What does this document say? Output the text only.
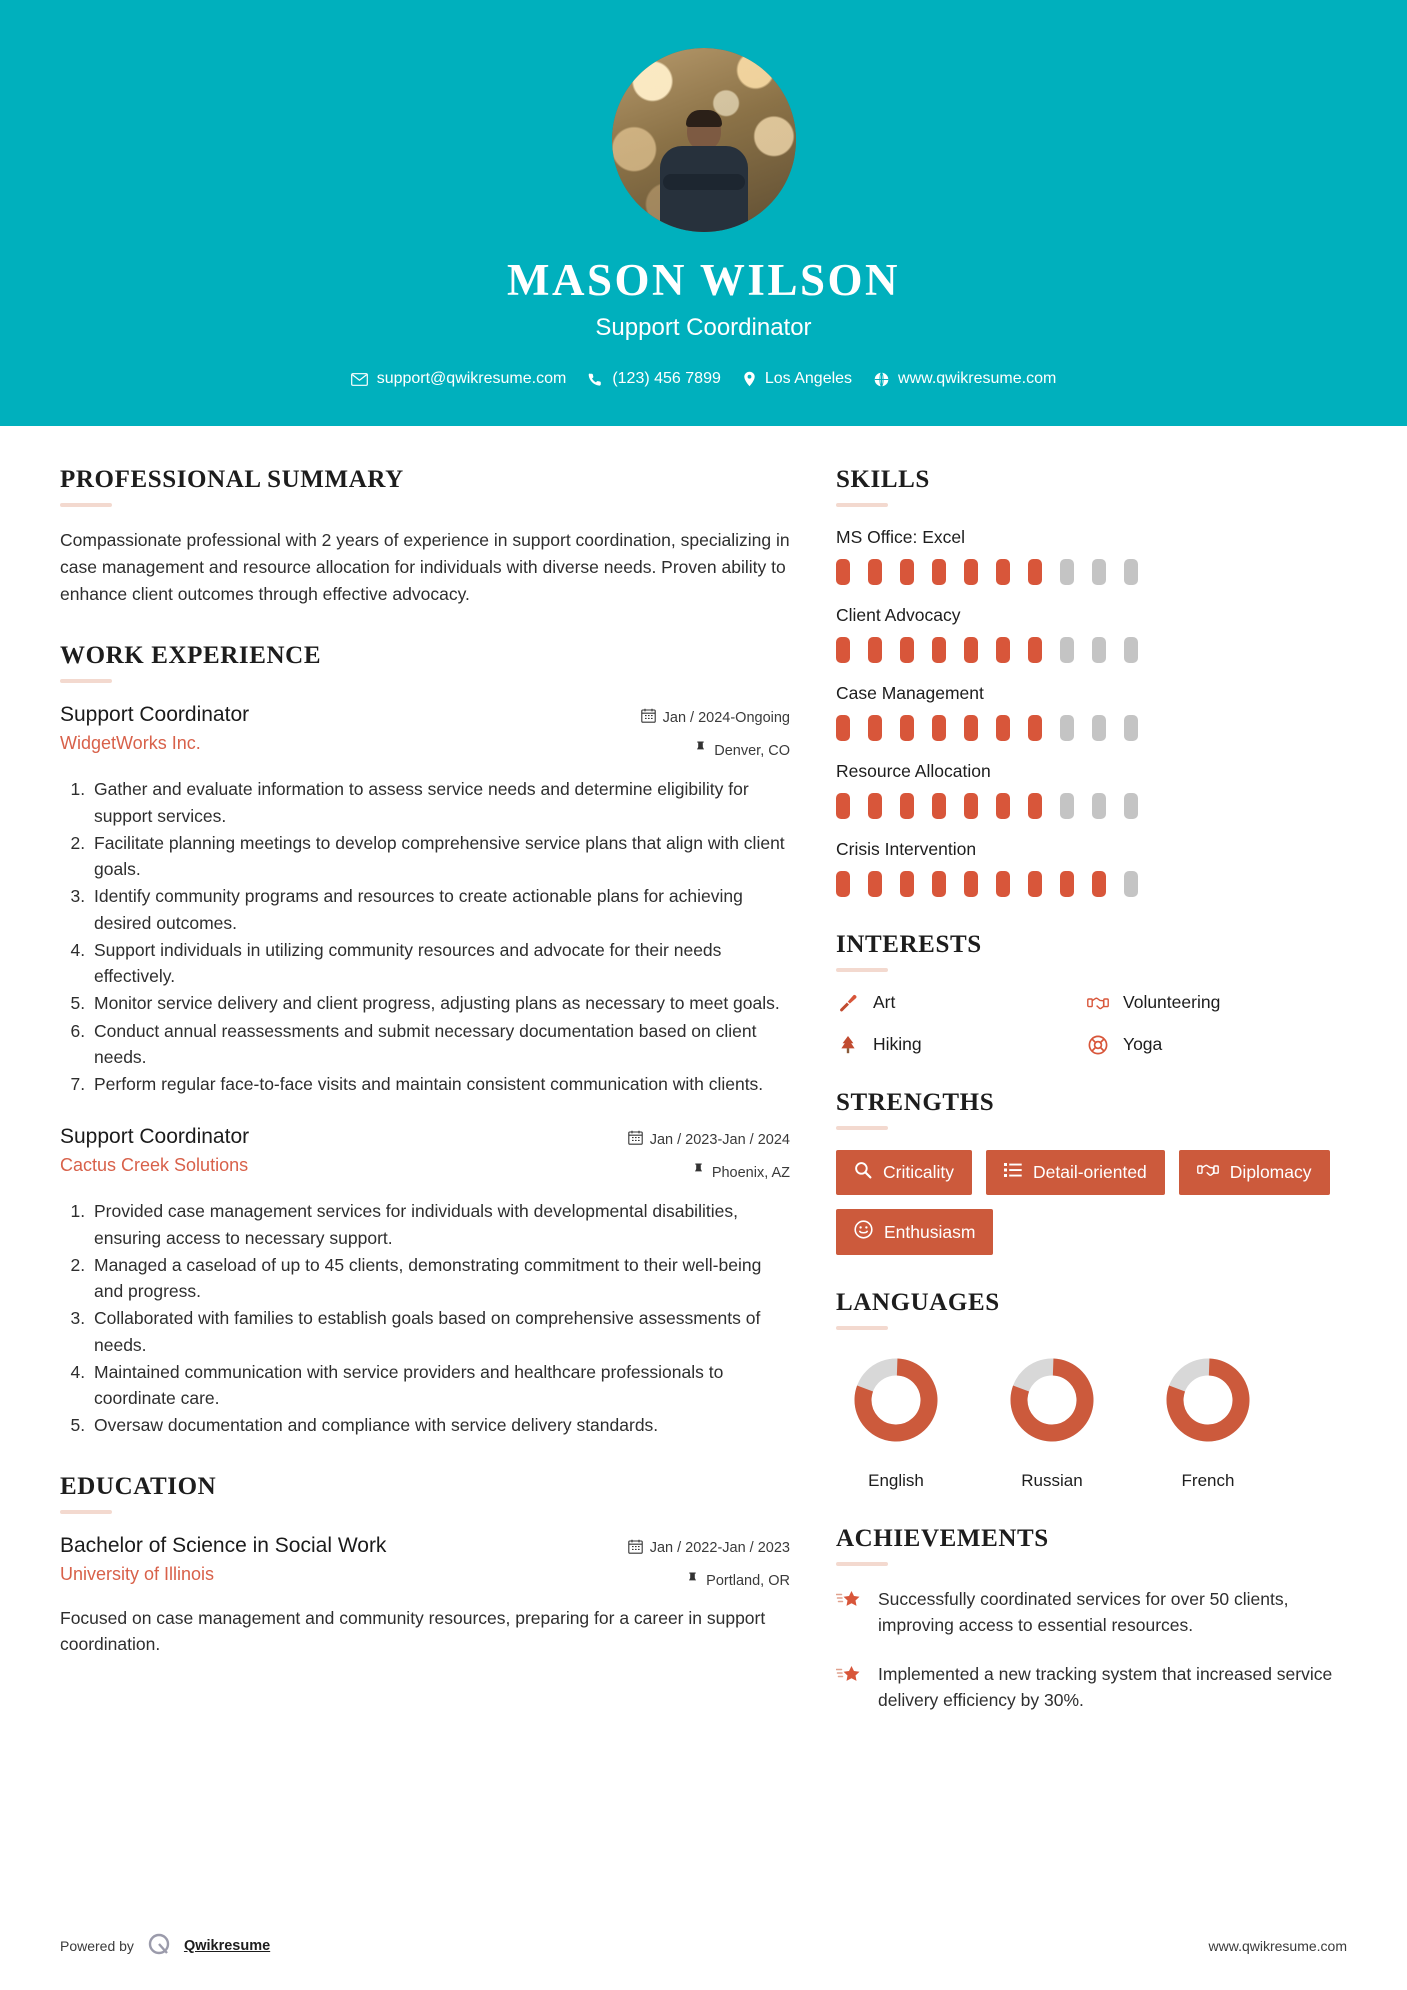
MASON WILSON
Support Coordinator
support@qwikresume.com	(123) 456 7899	Los Angeles	www.qwikresume.com
PROFESSIONAL SUMMARY
Compassionate professional with 2 years of experience in support coordination, specializing in case management and resource allocation for individuals with diverse needs. Proven ability to enhance client outcomes through effective advocacy.
WORK EXPERIENCE
Support Coordinator
WidgetWorks Inc.
Jan / 2024-Ongoing
Denver, CO
1. Gather and evaluate information to assess service needs and determine eligibility for support services.
2. Facilitate planning meetings to develop comprehensive service plans that align with client goals.
3. Identify community programs and resources to create actionable plans for achieving desired outcomes.
4. Support individuals in utilizing community resources and advocate for their needs effectively.
5. Monitor service delivery and client progress, adjusting plans as necessary to meet goals.
6. Conduct annual reassessments and submit necessary documentation based on client needs.
7. Perform regular face-to-face visits and maintain consistent communication with clients.
Support Coordinator
Cactus Creek Solutions
Jan / 2023-Jan / 2024
Phoenix, AZ
1. Provided case management services for individuals with developmental disabilities, ensuring access to necessary support.
2. Managed a caseload of up to 45 clients, demonstrating commitment to their well-being and progress.
3. Collaborated with families to establish goals based on comprehensive assessments of needs.
4. Maintained communication with service providers and healthcare professionals to coordinate care.
5. Oversaw documentation and compliance with service delivery standards.
EDUCATION
Bachelor of Science in Social Work
University of Illinois
Jan / 2022-Jan / 2023
Portland, OR
Focused on case management and community resources, preparing for a career in support coordination.
SKILLS
MS Office: Excel
Client Advocacy
Case Management
Resource Allocation
Crisis Intervention
INTERESTS
Art	Volunteering
Hiking	Yoga
STRENGTHS
Criticality	Detail-oriented	Diplomacy
Enthusiasm
LANGUAGES
English	Russian	French
ACHIEVEMENTS
Successfully coordinated services for over 50 clients, improving access to essential resources.
Implemented a new tracking system that increased service delivery efficiency by 30%.
Powered by	Qwikresume	www.qwikresume.com
